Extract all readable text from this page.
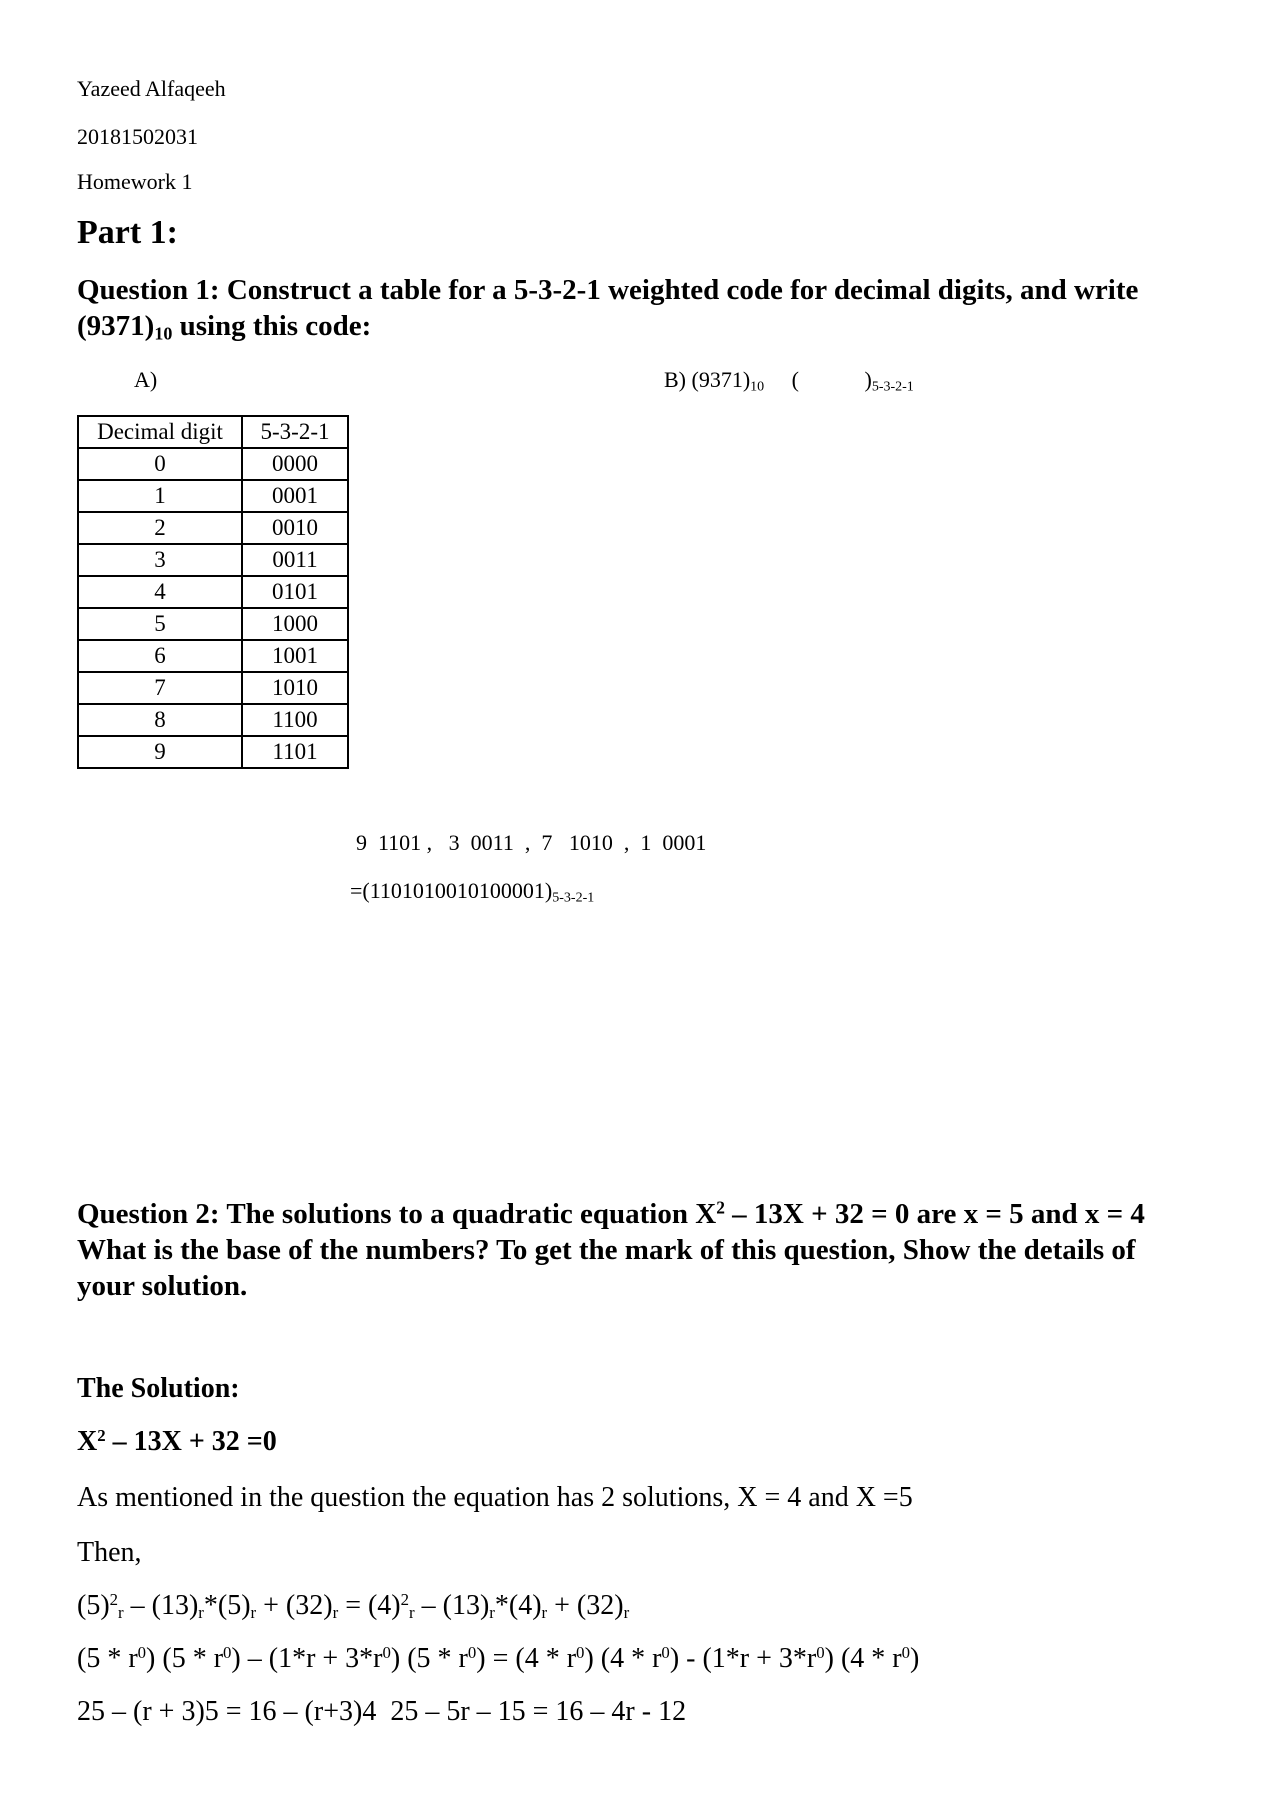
Yazeed Alfaqeeh
20181502031
Homework 1
Part 1:
Question 1: Construct a table for a 5-3-2-1 weighted code for decimal digits, and write
$(9371)_{10}$ using this code:
A)	B) $(9371)_{10}$ (	)$_{5-3-2-1}$
Decimal digit	5-3-2-1
0	0000
1	0001
2	0010
3	0011
4	0101
5	1000
6	1001
7	1010
8	1100
9	1101
9  1101 ,   3  0011  ,  7   1010  ,  1  0001
$=(1101010010100001)_{5-3-2-1}$
Question 2: The solutions to a quadratic equation $X^2 - 13X + 32 = 0$ are x = 5 and x = 4
What is the base of the numbers? To get the mark of this question, Show the details of
your solution.
The Solution:
$X^2 - 13X + 32 =0$
As mentioned in the question the equation has 2 solutions, X = 4 and X =5
Then,
$(5)^2_r - (13)_r*(5)_r + (32)_r = (4)^2_r - (13)_r*(4)_r + (32)_r$
$(5 * r^0)$ $(5 * r^0) - (1*r + 3*r^0)$ $(5 * r^0) = (4 * r^0)$ $(4 * r^0) - (1*r + 3*r^0)$ $(4 * r^0)$
25 – (r + 3)5 = 16 – (r+3)4  25 – 5r – 15 = 16 – 4r - 12
